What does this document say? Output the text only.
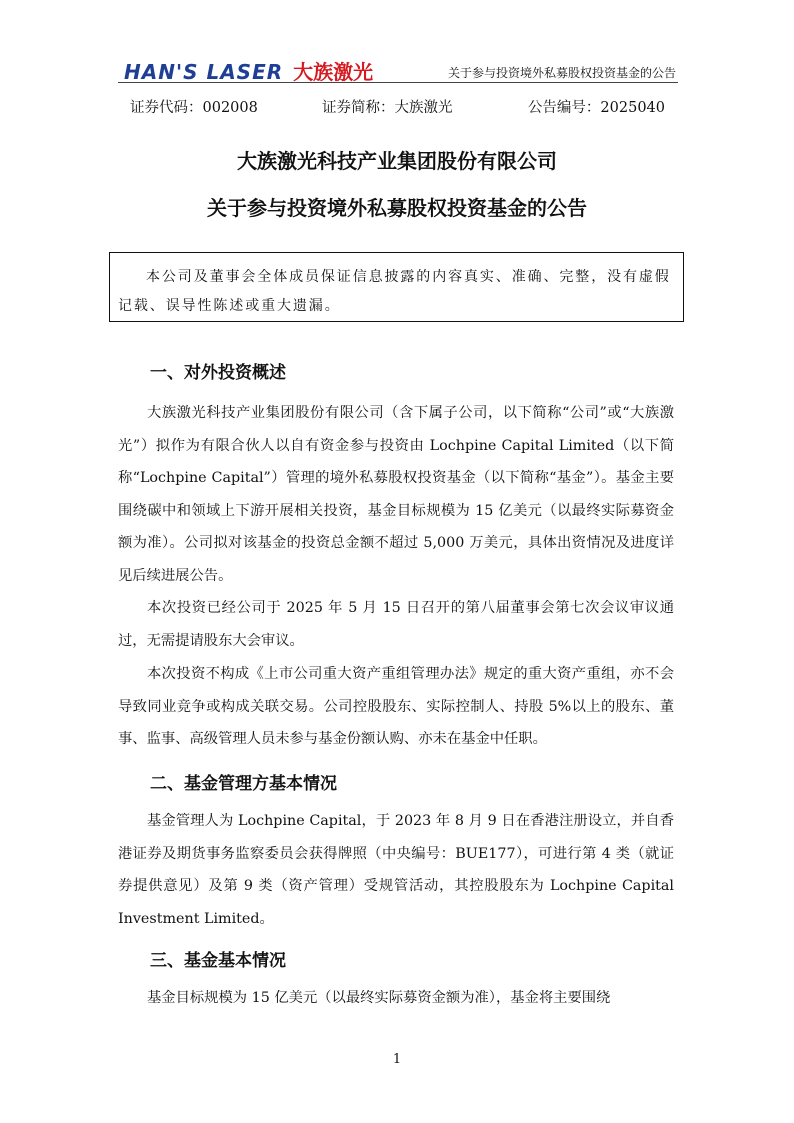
HAN'S LASER 大族激光	关于参与投资境外私募股权投资基金的公告
证券代码：002008	证券简称：大族激光	公告编号：2025040
大族激光科技产业集团股份有限公司
关于参与投资境外私募股权投资基金的公告
本公司及董事会全体成员保证信息披露的内容真实、准确、完整，没有虚假记载、误导性陈述或重大遗漏。
一、对外投资概述

大族激光科技产业集团股份有限公司（含下属子公司，以下简称“公司”或“大族激光”）拟作为有限合伙人以自有资金参与投资由 Lochpine Capital Limited（以下简称“Lochpine Capital”）管理的境外私募股权投资基金（以下简称“基金”）。基金主要围绕碳中和领域上下游开展相关投资，基金目标规模为 15 亿美元（以最终实际募资金额为准）。公司拟对该基金的投资总金额不超过 5,000 万美元，具体出资情况及进度详见后续进展公告。

本次投资已经公司于 2025 年 5 月 15 日召开的第八届董事会第七次会议审议通过，无需提请股东大会审议。

本次投资不构成《上市公司重大资产重组管理办法》规定的重大资产重组，亦不会导致同业竞争或构成关联交易。公司控股股东、实际控制人、持股 5%以上的股东、董事、监事、高级管理人员未参与基金份额认购、亦未在基金中任职。

二、基金管理方基本情况

基金管理人为 Lochpine Capital，于 2023 年 8 月 9 日在香港注册设立，并自香港证券及期货事务监察委员会获得牌照（中央编号：BUE177），可进行第 4 类（就证券提供意见）及第 9 类（资产管理）受规管活动，其控股股东为 Lochpine Capital Investment Limited。

三、基金基本情况

基金目标规模为 15 亿美元（以最终实际募资金额为准），基金将主要围绕

1
